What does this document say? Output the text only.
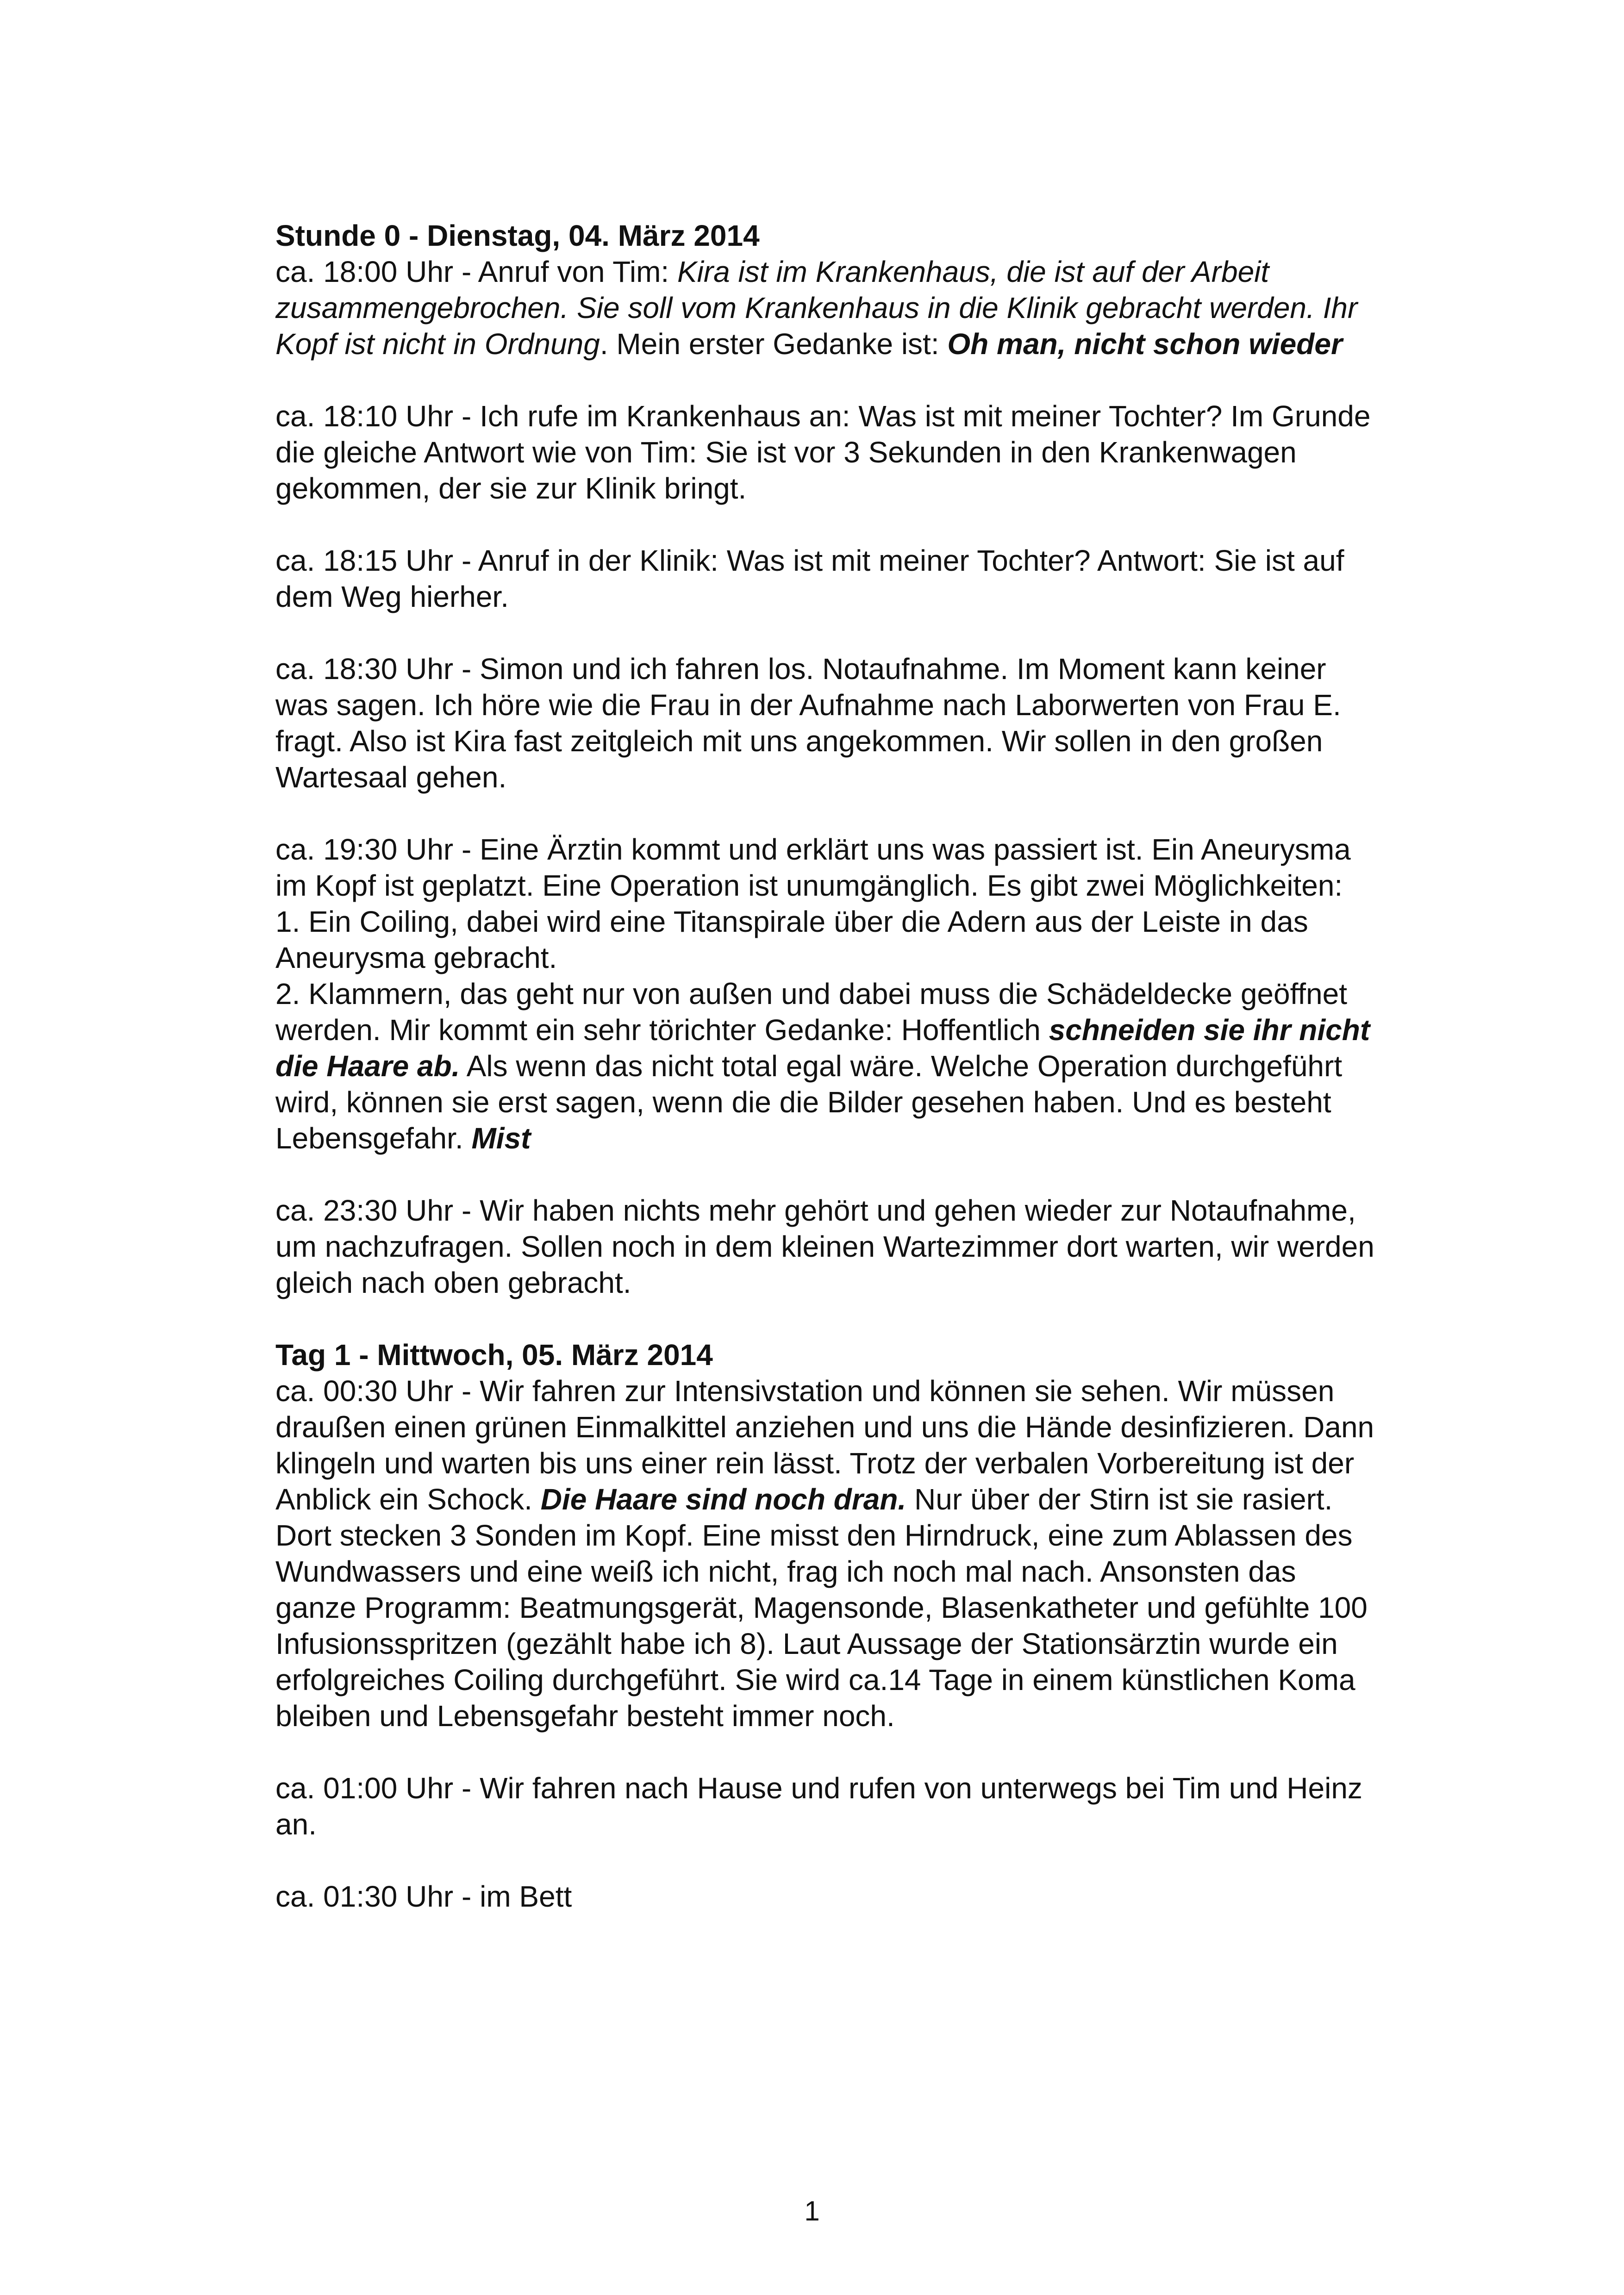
Stunde 0 - Dienstag, 04. März 2014

ca. 18:00 Uhr - Anruf von Tim: Kira ist im Krankenhaus, die ist auf der Arbeit zusammengebrochen. Sie soll vom Krankenhaus in die Klinik gebracht werden. Ihr Kopf ist nicht in Ordnung. Mein erster Gedanke ist: Oh man, nicht schon wieder

ca. 18:10 Uhr - Ich rufe im Krankenhaus an: Was ist mit meiner Tochter? Im Grunde die gleiche Antwort wie von Tim: Sie ist vor 3 Sekunden in den Krankenwagen gekommen, der sie zur Klinik bringt.

ca. 18:15 Uhr - Anruf in der Klinik: Was ist mit meiner Tochter? Antwort: Sie ist auf dem Weg hierher.

ca. 18:30 Uhr - Simon und ich fahren los. Notaufnahme. Im Moment kann keiner was sagen. Ich höre wie die Frau in der Aufnahme nach Laborwerten von Frau E. fragt. Also ist Kira fast zeitgleich mit uns angekommen. Wir sollen in den großen Wartesaal gehen.

ca. 19:30 Uhr - Eine Ärztin kommt und erklärt uns was passiert ist. Ein Aneurysma im Kopf ist geplatzt. Eine Operation ist unumgänglich. Es gibt zwei Möglichkeiten:

1. Ein Coiling, dabei wird eine Titanspirale über die Adern aus der Leiste in das Aneurysma gebracht.

2. Klammern, das geht nur von außen und dabei muss die Schädeldecke geöffnet werden. Mir kommt ein sehr törichter Gedanke: Hoffentlich schneiden sie ihr nicht die Haare ab. Als wenn das nicht total egal wäre. Welche Operation durchgeführt wird, können sie erst sagen, wenn die die Bilder gesehen haben. Und es besteht Lebensgefahr. Mist

ca. 23:30 Uhr - Wir haben nichts mehr gehört und gehen wieder zur Notaufnahme, um nachzufragen. Sollen noch in dem kleinen Wartezimmer dort warten, wir werden gleich nach oben gebracht.

Tag 1 - Mittwoch, 05. März 2014

ca. 00:30 Uhr - Wir fahren zur Intensivstation und können sie sehen. Wir müssen draußen einen grünen Einmalkittel anziehen und uns die Hände desinfizieren. Dann klingeln und warten bis uns einer rein lässt. Trotz der verbalen Vorbereitung ist der Anblick ein Schock. Die Haare sind noch dran. Nur über der Stirn ist sie rasiert. Dort stecken 3 Sonden im Kopf. Eine misst den Hirndruck, eine zum Ablassen des Wundwassers und eine weiß ich nicht, frag ich noch mal nach. Ansonsten das ganze Programm: Beatmungsgerät, Magensonde, Blasenkatheter und gefühlte 100 Infusionsspritzen (gezählt habe ich 8). Laut Aussage der Stationsärztin wurde ein erfolgreiches Coiling durchgeführt. Sie wird ca.14 Tage in einem künstlichen Koma bleiben und Lebensgefahr besteht immer noch.

ca. 01:00 Uhr - Wir fahren nach Hause und rufen von unterwegs bei Tim und Heinz an.

ca. 01:30 Uhr - im Bett

1
